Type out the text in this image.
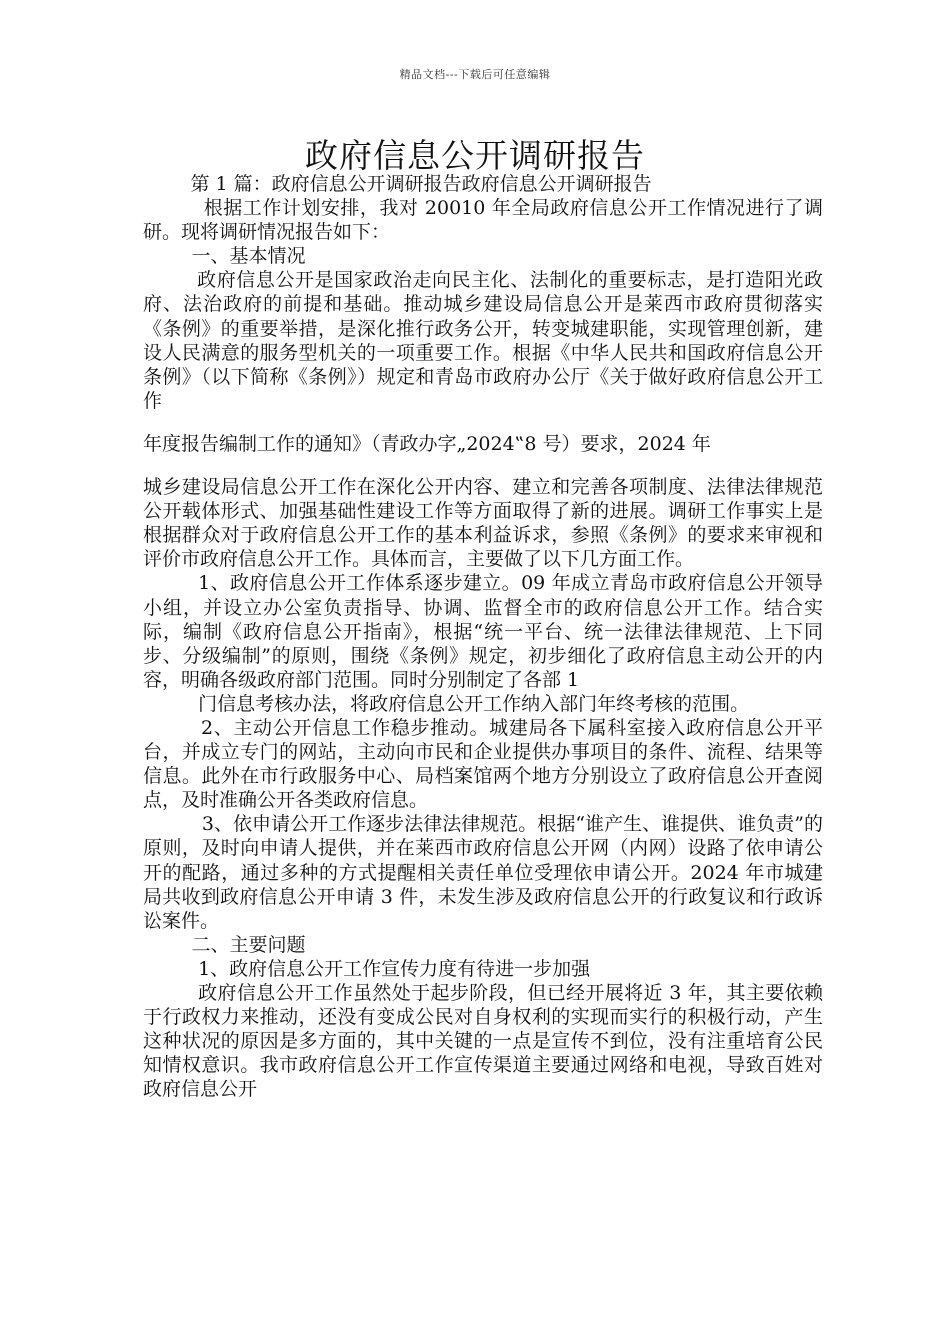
精品文档---下载后可任意编辑
政府信息公开调研报告

第 1 篇：政府信息公开调研报告政府信息公开调研报告

根据工作计划安排，我对 20010 年全局政府信息公开工作情况进行了调研。现将调研情况报告如下：

一、基本情况

政府信息公开是国家政治走向民主化、法制化的重要标志，是打造阳光政府、法治政府的前提和基础。推动城乡建设局信息公开是莱西市政府贯彻落实《条例》的重要举措，是深化推行政务公开，转变城建职能，实现管理创新，建设人民满意的服务型机关的一项重要工作。根据《中华人民共和国政府信息公开条例》（以下简称《条例》）规定和青岛市政府办公厅《关于做好政府信息公开工作

年度报告编制工作的通知》（青政办字„2024‟8 号）要求，2024 年

城乡建设局信息公开工作在深化公开内容、建立和完善各项制度、法律法律规范公开载体形式、加强基础性建设工作等方面取得了新的进展。调研工作事实上是根据群众对于政府信息公开工作的基本利益诉求，参照《条例》的要求来审视和评价市政府信息公开工作。具体而言，主要做了以下几方面工作。

1、政府信息公开工作体系逐步建立。09 年成立青岛市政府信息公开领导小组，并设立办公室负责指导、协调、监督全市的政府信息公开工作。结合实际，编制《政府信息公开指南》，根据“统一平台、统一法律法律规范、上下同步、分级编制”的原则，围绕《条例》规定，初步细化了政府信息主动公开的内容，明确各级政府部门范围。同时分别制定了各部 1

门信息考核办法，将政府信息公开工作纳入部门年终考核的范围。

2、主动公开信息工作稳步推动。城建局各下属科室接入政府信息公开平台，并成立专门的网站，主动向市民和企业提供办事项目的条件、流程、结果等信息。此外在市行政服务中心、局档案馆两个地方分别设立了政府信息公开查阅点，及时准确公开各类政府信息。

3、依申请公开工作逐步法律法律规范。根据“谁产生、谁提供、谁负责”的原则，及时向申请人提供，并在莱西市政府信息公开网（内网）设路了依申请公开的配路，通过多种的方式提醒相关责任单位受理依申请公开。2024 年市城建局共收到政府信息公开申请 3 件，未发生涉及政府信息公开的行政复议和行政诉讼案件。

二、主要问题

1、政府信息公开工作宣传力度有待进一步加强

政府信息公开工作虽然处于起步阶段，但已经开展将近 3 年，其主要依赖于行政权力来推动，还没有变成公民对自身权利的实现而实行的积极行动，产生这种状况的原因是多方面的，其中关键的一点是宣传不到位，没有注重培育公民知情权意识。我市政府信息公开工作宣传渠道主要通过网络和电视，导致百姓对政府信息公开
